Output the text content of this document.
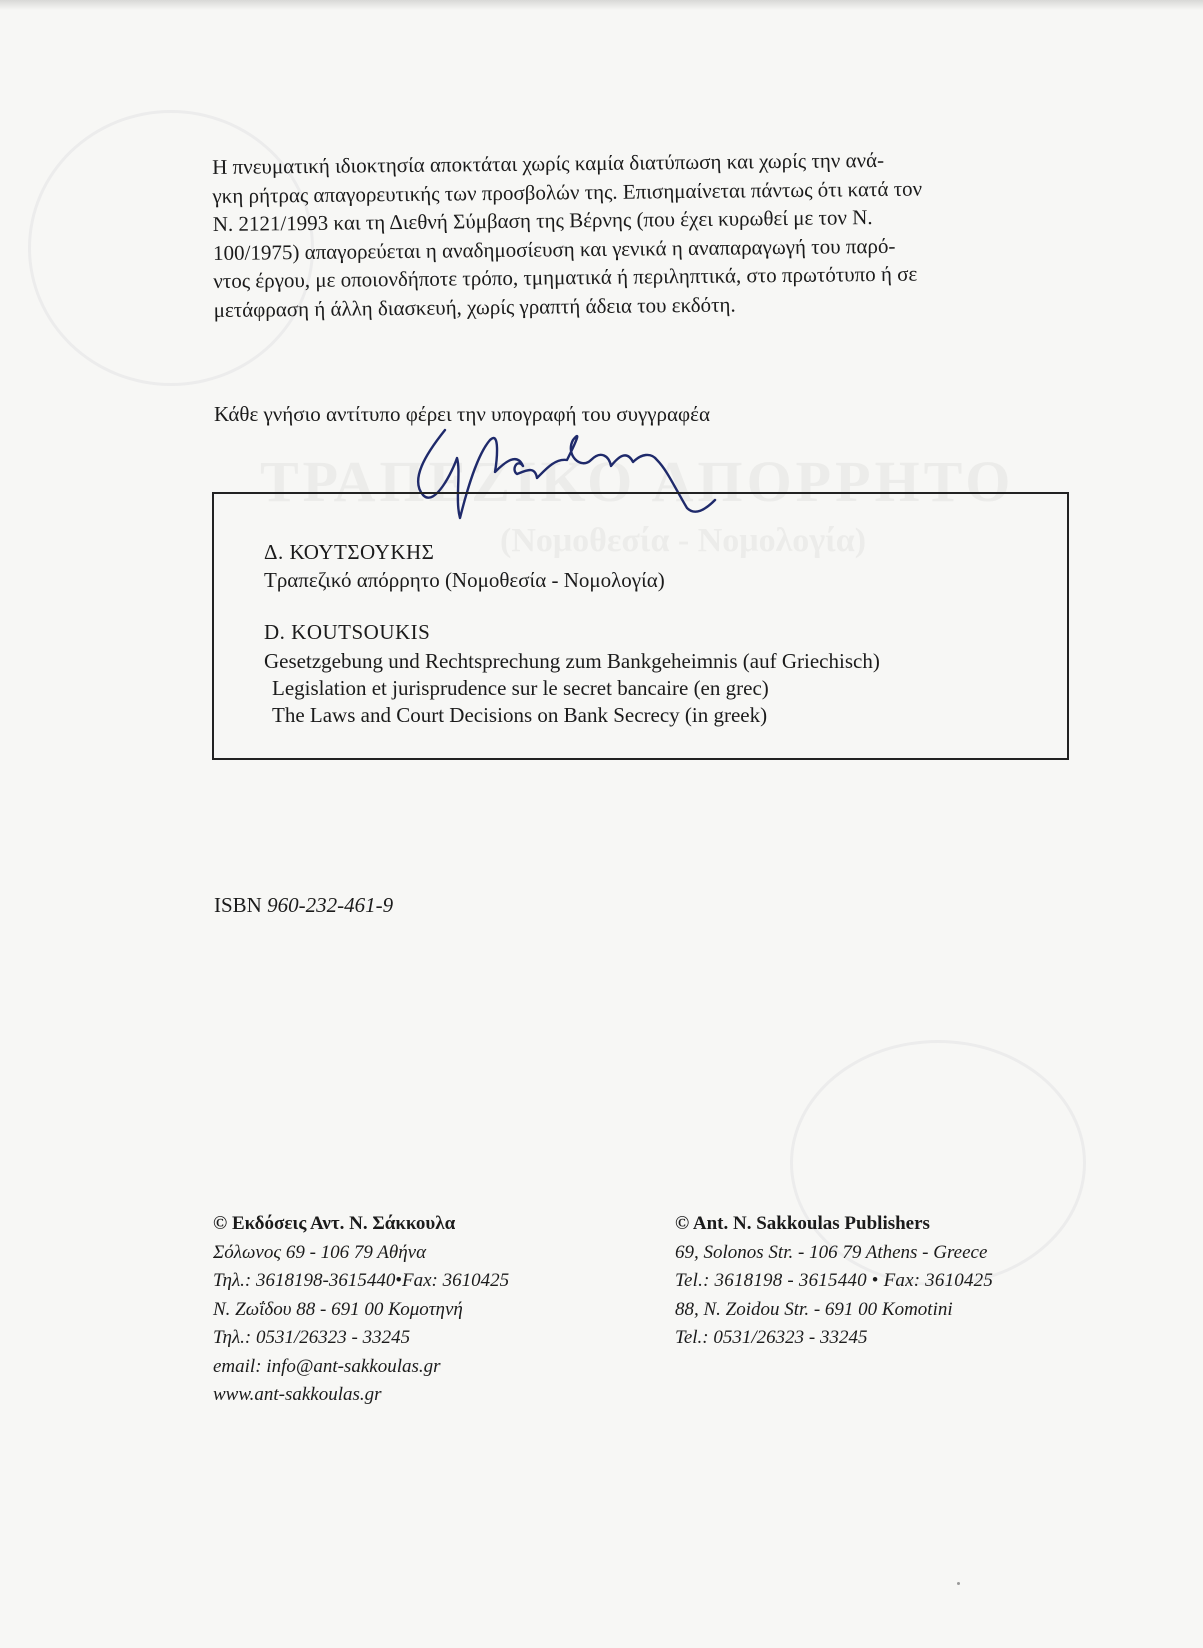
ΤΡΑΠΕΖΙΚΟ ΑΠΟΡΡΗΤΟ
(Νομοθεσία - Νομολογία)

Η πνευματική ιδιοκτησία αποκτάται χωρίς καμία διατύπωση και χωρίς την ανά-

γκη ρήτρας απαγορευτικής των προσβολών της. Επισημαίνεται πάντως ότι κατά τον

Ν. 2121/1993 και τη Διεθνή Σύμβαση της Βέρνης (που έχει κυρωθεί με τον Ν.

100/1975) απαγορεύεται η αναδημοσίευση και γενικά η αναπαραγωγή του παρό-

ντος έργου, με οποιονδήποτε τρόπο, τμηματικά ή περιληπτικά, στο πρωτότυπο ή σε

μετάφραση ή άλλη διασκευή, χωρίς γραπτή άδεια του εκδότη.

Κάθε γνήσιο αντίτυπο φέρει την υπογραφή του συγγραφέα
Δ. ΚΟΥΤΣΟΥΚΗΣ
Τραπεζικό απόρρητο (Νομοθεσία - Νομολογία)
D. KOUTSOUKIS
Gesetzgebung und Rechtsprechung zum Bankgeheimnis (auf Griechisch)
Legislation et jurisprudence sur le secret bancaire (en grec)
The Laws and Court Decisions on Bank Secrecy (in greek)
ISBN 960-232-461-9
© Εκδόσεις Αντ. Ν. Σάκκουλα
Σόλωνος 69 - 106 79 Αθήνα
Τηλ.: 3618198-3615440•Fax: 3610425
Ν. Ζωΐδου 88 - 691 00 Κομοτηνή
Τηλ.: 0531/26323 - 33245
email: info@ant-sakkoulas.gr
www.ant-sakkoulas.gr
© Ant. N. Sakkoulas Publishers
69, Solonos Str. - 106 79 Athens - Greece
Tel.: 3618198 - 3615440 • Fax: 3610425
88, N. Zoidou Str. - 691 00 Komotini
Tel.: 0531/26323 - 33245
